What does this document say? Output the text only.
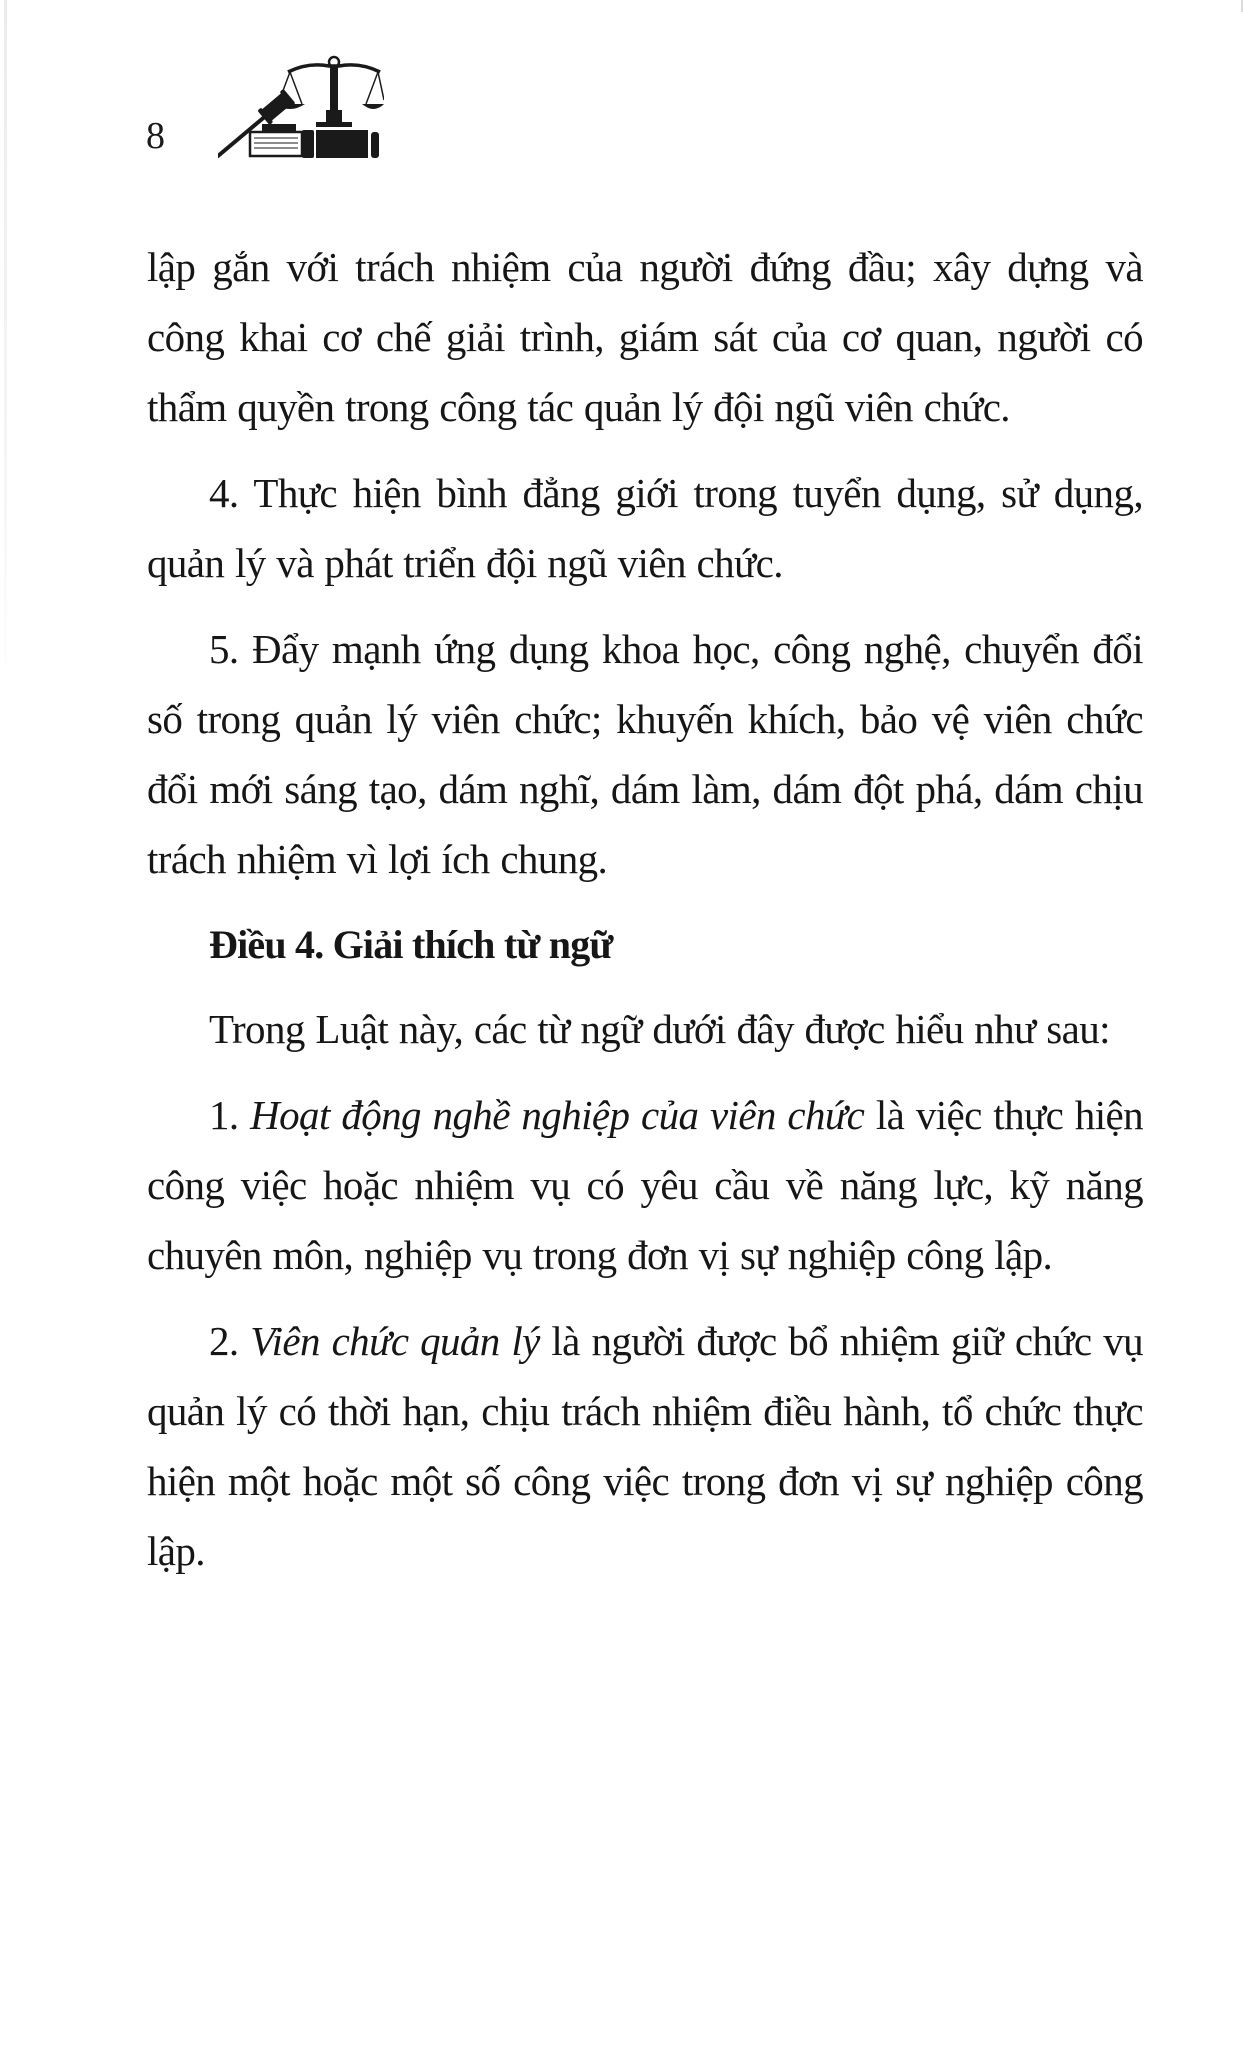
8

lập gắn với trách nhiệm của người đứng đầu; xây dựng và công khai cơ chế giải trình, giám sát của cơ quan, người có thẩm quyền trong công tác quản lý đội ngũ viên chức.

4. Thực hiện bình đẳng giới trong tuyển dụng, sử dụng, quản lý và phát triển đội ngũ viên chức.

5. Đẩy mạnh ứng dụng khoa học, công nghệ, chuyển đổi số trong quản lý viên chức; khuyến khích, bảo vệ viên chức đổi mới sáng tạo, dám nghĩ, dám làm, dám đột phá, dám chịu trách nhiệm vì lợi ích chung.

Điều 4. Giải thích từ ngữ

Trong Luật này, các từ ngữ dưới đây được hiểu như sau:

1. Hoạt động nghề nghiệp của viên chức là việc thực hiện công việc hoặc nhiệm vụ có yêu cầu về năng lực, kỹ năng chuyên môn, nghiệp vụ trong đơn vị sự nghiệp công lập.

2. Viên chức quản lý là người được bổ nhiệm giữ chức vụ quản lý có thời hạn, chịu trách nhiệm điều hành, tổ chức thực hiện một hoặc một số công việc trong đơn vị sự nghiệp công lập.
